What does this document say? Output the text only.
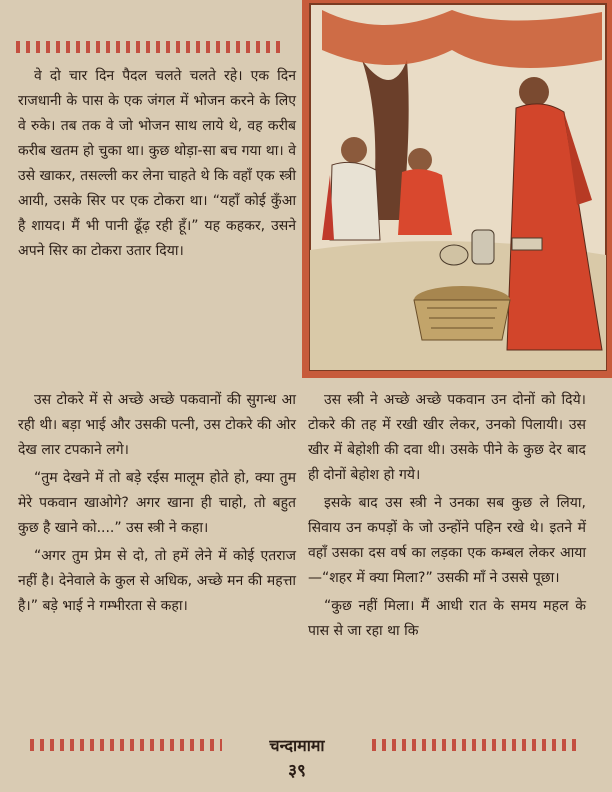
वे दो चार दिन पैदल चलते चलते रहे। एक दिन राजधानी के पास के एक जंगल में भोजन करने के लिए वे रुके। तब तक वे जो भोजन साथ लाये थे, वह करीब करीब खतम हो चुका था। कुछ थोड़ा-सा बच गया था। वे उसे खाकर, तसल्ली कर लेना चाहते थे कि वहाँ एक स्त्री आयी, उसके सिर पर एक टोकरा था। “यहाँ कोई कुँआ है शायद। मैं भी पानी ढूँढ़ रही हूँ।” यह कहकर, उसने अपने सिर का टोकरा उतार दिया।

उस टोकरे में से अच्छे अच्छे पकवानों की सुगन्ध आ रही थी। बड़ा भाई और उसकी पत्नी, उस टोकरे की ओर देख लार टपकाने लगे।

“तुम देखने में तो बड़े रईस मालूम होते हो, क्या तुम मेरे पकवान खाओगे? अगर खाना ही चाहो, तो बहुत कुछ है खाने को....” उस स्त्री ने कहा।

“अगर तुम प्रेम से दो, तो हमें लेने में कोई एतराज नहीं है। देनेवाले के कुल से अधिक, अच्छे मन की महत्ता है।” बड़े भाई ने गम्भीरता से कहा।

उस स्त्री ने अच्छे अच्छे पकवान उन दोनों को दिये। टोकरे की तह में रखी खीर लेकर, उनको पिलायी। उस खीर में बेहोशी की दवा थी। उसके पीने के कुछ देर बाद ही दोनों बेहोश हो गये।

इसके बाद उस स्त्री ने उनका सब कुछ ले लिया, सिवाय उन कपड़ों के जो उन्होंने पहिन रखे थे। इतने में वहाँ उसका दस वर्ष का लड़का एक कम्बल लेकर आया—“शहर में क्या मिला?” उसकी माँ ने उससे पूछा।

“कुछ नहीं मिला। मैं आधी रात के समय महल के पास से जा रहा था कि

चन्दामामा
३९
